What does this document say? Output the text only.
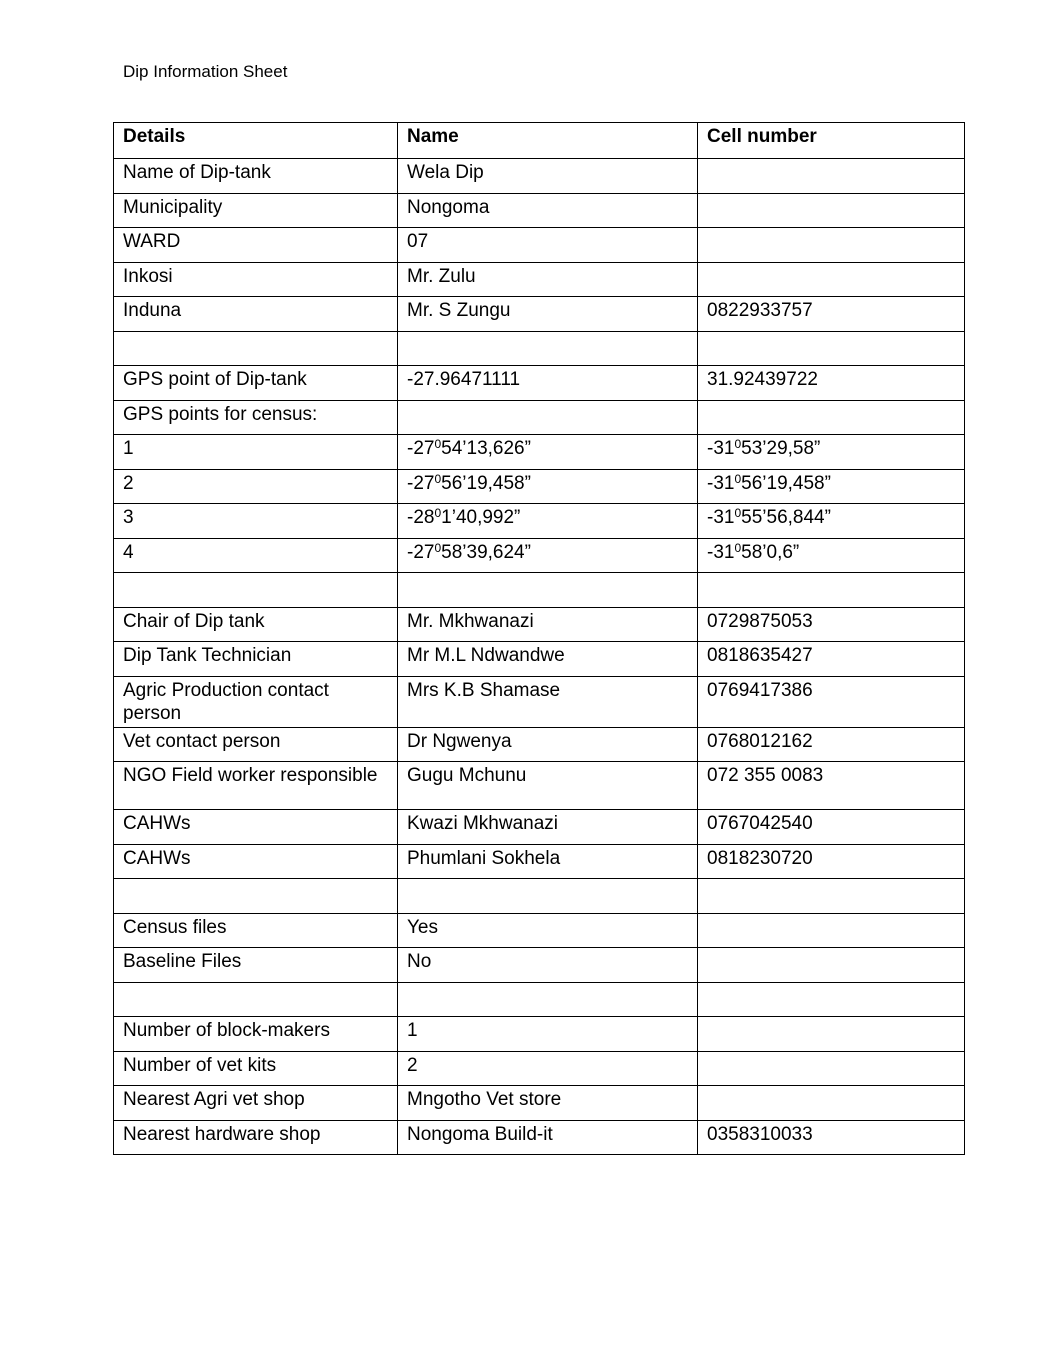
Dip Information Sheet
Details	Name	Cell number
Name of Dip-tank	Wela Dip	
Municipality	Nongoma	
WARD	07	
Inkosi	Mr. Zulu	
Induna	Mr. S Zungu	0822933757

GPS point of Dip-tank	-27.96471111	31.92439722
GPS points for census:		
1	$-27^054’13,626$”	$-31^053’29,58$”
2	$-27^056’19,458$”	$-31^056’19,458$”
3	$-28^01’40,992$”	$-31^055’56,844$”
4	$-27^058’39,624$”	$-31^058’0,6$”

Chair of Dip tank	Mr. Mkhwanazi	0729875053
Dip Tank Technician	Mr M.L Ndwandwe	0818635427
Agric Production contact person	Mrs K.B Shamase	0769417386
Vet contact person	Dr Ngwenya	0768012162
NGO Field worker responsible	Gugu Mchunu	072 355 0083
CAHWs	Kwazi Mkhwanazi	0767042540
CAHWs	Phumlani Sokhela	0818230720

Census files	Yes	
Baseline Files	No	

Number of block-makers	1	
Number of vet kits	2	
Nearest Agri vet shop	Mngotho Vet store	
Nearest hardware shop	Nongoma Build-it	0358310033
